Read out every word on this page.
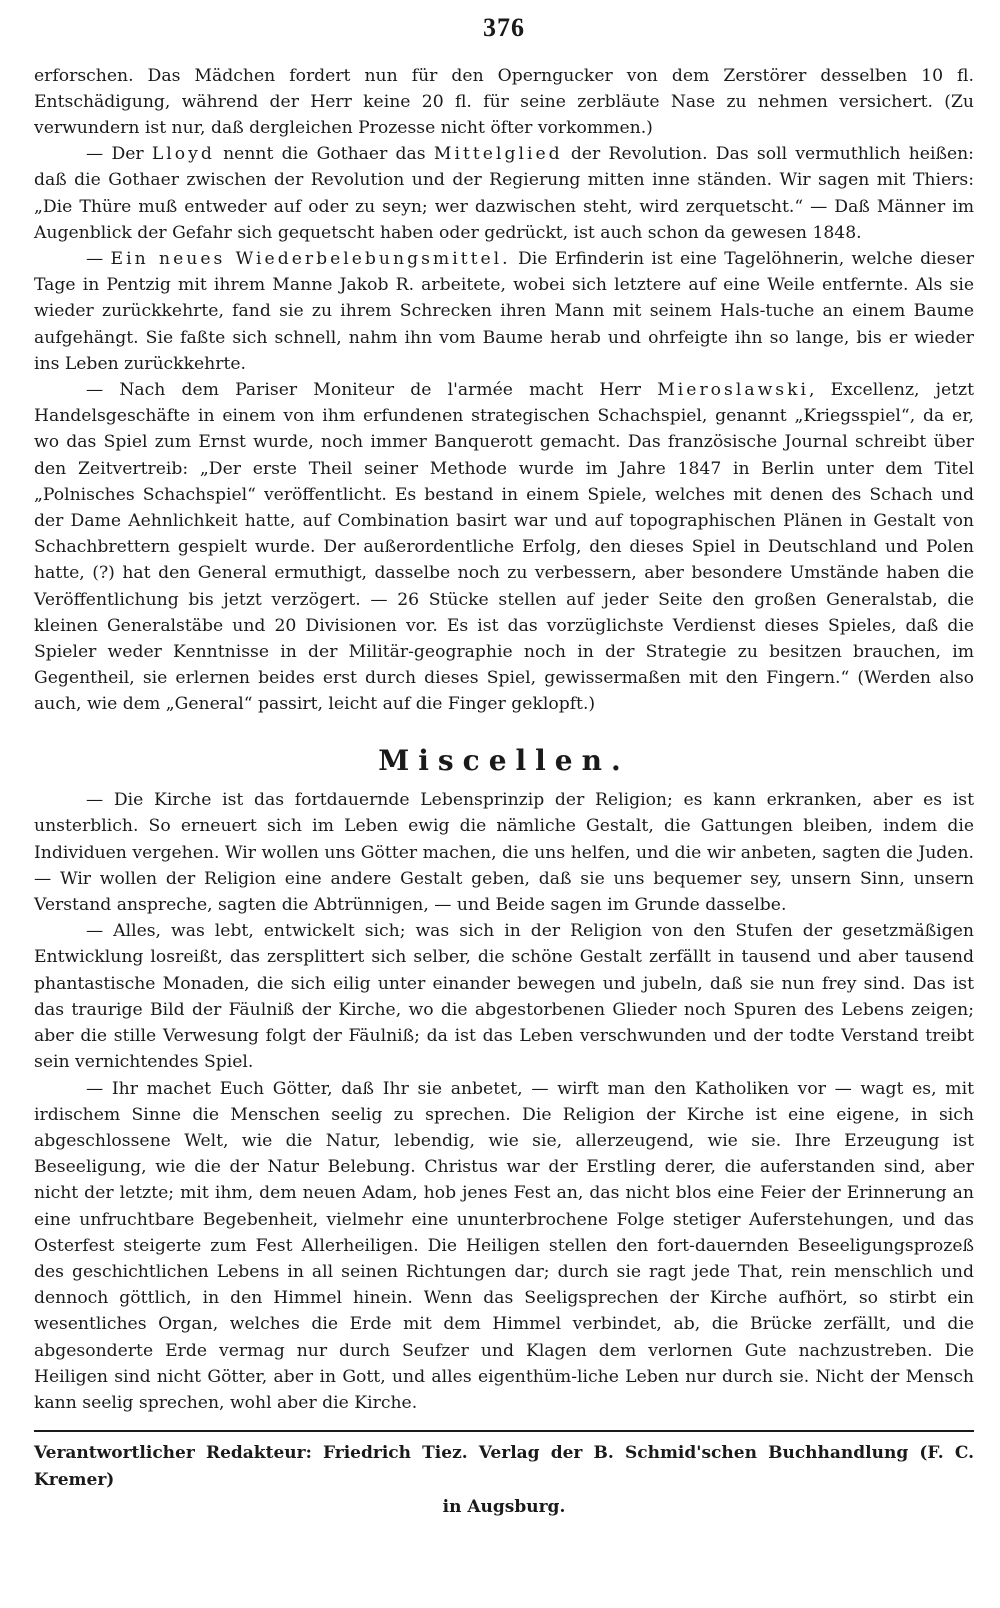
376

erforschen. Das Mädchen fordert nun für den Operngucker von dem Zerstörer desselben 10 fl. Entschädigung, während der Herr keine 20 fl. für seine zerbläute Nase zu nehmen versichert. (Zu verwundern ist nur, daß dergleichen Prozesse nicht öfter vorkommen.)

— Der Lloyd nennt die Gothaer das Mittelglied der Revolution. Das soll vermuthlich heißen: daß die Gothaer zwischen der Revolution und der Regierung mitten inne ständen. Wir sagen mit Thiers: „Die Thüre muß entweder auf oder zu seyn; wer dazwischen steht, wird zerquetscht.“ — Daß Männer im Augenblick der Gefahr sich gequetscht haben oder gedrückt, ist auch schon da gewesen 1848.

— Ein neues Wiederbelebungsmittel. Die Erfinderin ist eine Tagelöhnerin, welche dieser Tage in Pentzig mit ihrem Manne Jakob R. arbeitete, wobei sich letztere auf eine Weile entfernte. Als sie wieder zurückkehrte, fand sie zu ihrem Schrecken ihren Mann mit seinem Hals-tuche an einem Baume aufgehängt. Sie faßte sich schnell, nahm ihn vom Baume herab und ohrfeigte ihn so lange, bis er wieder ins Leben zurückkehrte.

— Nach dem Pariser Moniteur de l'armée macht Herr Mieroslawski, Excellenz, jetzt Handelsgeschäfte in einem von ihm erfundenen strategischen Schachspiel, genannt „Kriegsspiel“, da er, wo das Spiel zum Ernst wurde, noch immer Banquerott gemacht. Das französische Journal schreibt über den Zeitvertreib: „Der erste Theil seiner Methode wurde im Jahre 1847 in Berlin unter dem Titel „Polnisches Schachspiel“ veröffentlicht. Es bestand in einem Spiele, welches mit denen des Schach und der Dame Aehnlichkeit hatte, auf Combination basirt war und auf topographischen Plänen in Gestalt von Schachbrettern gespielt wurde. Der außerordentliche Erfolg, den dieses Spiel in Deutschland und Polen hatte, (?) hat den General ermuthigt, dasselbe noch zu verbessern, aber besondere Umstände haben die Veröffentlichung bis jetzt verzögert. — 26 Stücke stellen auf jeder Seite den großen Generalstab, die kleinen Generalstäbe und 20 Divisionen vor. Es ist das vorzüglichste Verdienst dieses Spieles, daß die Spieler weder Kenntnisse in der Militär-geographie noch in der Strategie zu besitzen brauchen, im Gegentheil, sie erlernen beides erst durch dieses Spiel, gewissermaßen mit den Fingern.“ (Werden also auch, wie dem „General“ passirt, leicht auf die Finger geklopft.)

Miscellen.

— Die Kirche ist das fortdauernde Lebensprinzip der Religion; es kann erkranken, aber es ist unsterblich. So erneuert sich im Leben ewig die nämliche Gestalt, die Gattungen bleiben, indem die Individuen vergehen. Wir wollen uns Götter machen, die uns helfen, und die wir anbeten, sagten die Juden. — Wir wollen der Religion eine andere Gestalt geben, daß sie uns bequemer sey, unsern Sinn, unsern Verstand anspreche, sagten die Abtrünnigen, — und Beide sagen im Grunde dasselbe.

— Alles, was lebt, entwickelt sich; was sich in der Religion von den Stufen der gesetzmäßigen Entwicklung losreißt, das zersplittert sich selber, die schöne Gestalt zerfällt in tausend und aber tausend phantastische Monaden, die sich eilig unter einander bewegen und jubeln, daß sie nun frey sind. Das ist das traurige Bild der Fäulniß der Kirche, wo die abgestorbenen Glieder noch Spuren des Lebens zeigen; aber die stille Verwesung folgt der Fäulniß; da ist das Leben verschwunden und der todte Verstand treibt sein vernichtendes Spiel.

— Ihr machet Euch Götter, daß Ihr sie anbetet, — wirft man den Katholiken vor — wagt es, mit irdischem Sinne die Menschen seelig zu sprechen. Die Religion der Kirche ist eine eigene, in sich abgeschlossene Welt, wie die Natur, lebendig, wie sie, allerzeugend, wie sie. Ihre Erzeugung ist Beseeligung, wie die der Natur Belebung. Christus war der Erstling derer, die auferstanden sind, aber nicht der letzte; mit ihm, dem neuen Adam, hob jenes Fest an, das nicht blos eine Feier der Erinnerung an eine unfruchtbare Begebenheit, vielmehr eine ununterbrochene Folge stetiger Auferstehungen, und das Osterfest steigerte zum Fest Allerheiligen. Die Heiligen stellen den fort-dauernden Beseeligungsprozeß des geschichtlichen Lebens in all seinen Richtungen dar; durch sie ragt jede That, rein menschlich und dennoch göttlich, in den Himmel hinein. Wenn das Seeligsprechen der Kirche aufhört, so stirbt ein wesentliches Organ, welches die Erde mit dem Himmel verbindet, ab, die Brücke zerfällt, und die abgesonderte Erde vermag nur durch Seufzer und Klagen dem verlornen Gute nachzustreben. Die Heiligen sind nicht Götter, aber in Gott, und alles eigenthüm-liche Leben nur durch sie. Nicht der Mensch kann seelig sprechen, wohl aber die Kirche.

Verantwortlicher Redakteur: Friedrich Tiez. Verlag der B. Schmid'schen Buchhandlung (F. C. Kremer)

in Augsburg.
